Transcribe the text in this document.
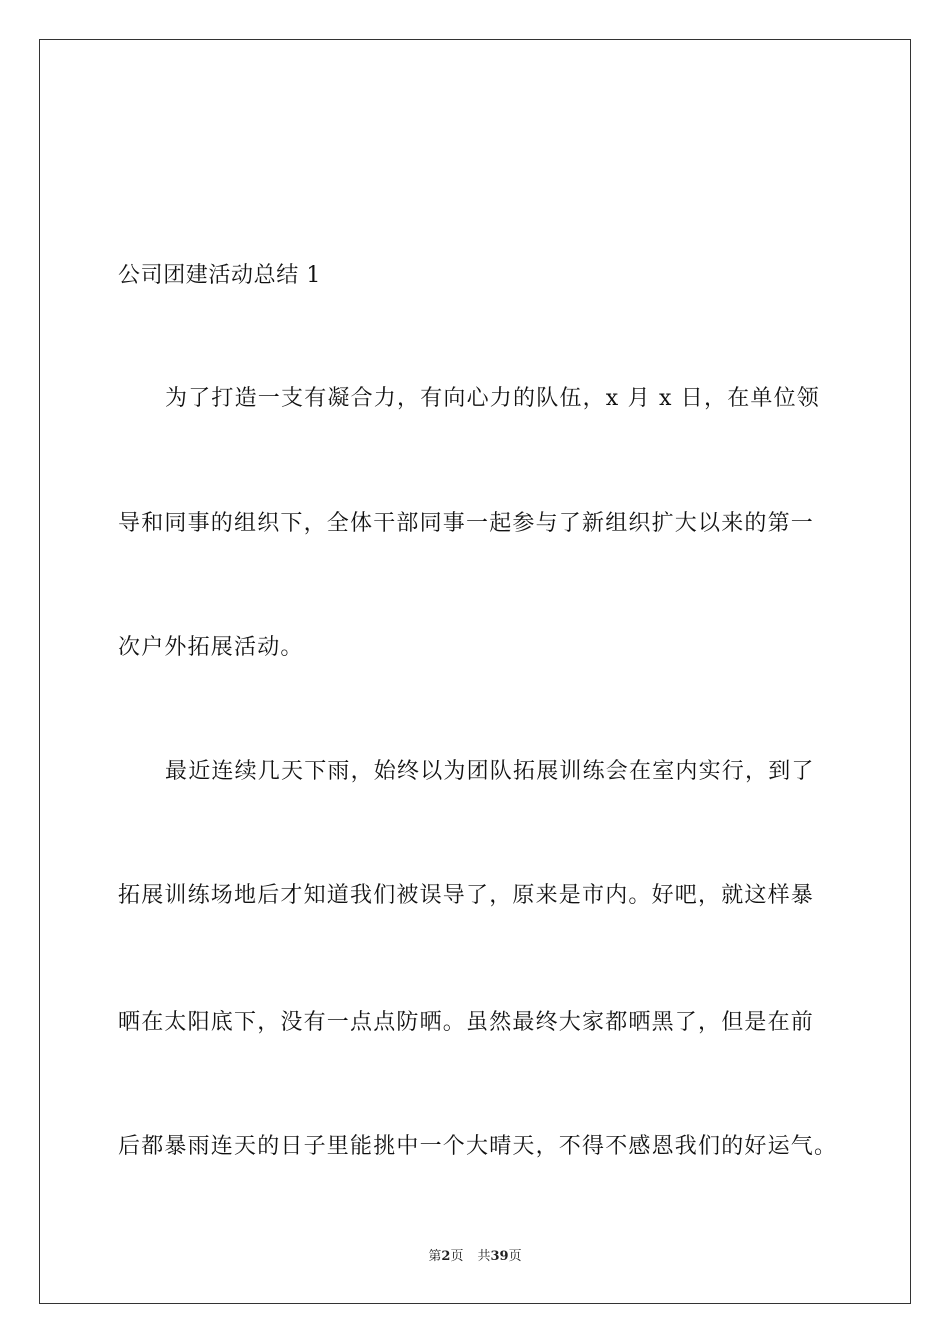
公司团建活动总结 1
为了打造一支有凝合力，有向心力的队伍，x 月 x 日，在单位领
导和同事的组织下，全体干部同事一起参与了新组织扩大以来的第一
次户外拓展活动。
最近连续几天下雨，始终以为团队拓展训练会在室内实行，到了
拓展训练场地后才知道我们被误导了，原来是市内。好吧，就这样暴
晒在太阳底下，没有一点点防晒。虽然最终大家都晒黑了，但是在前
后都暴雨连天的日子里能挑中一个大晴天，不得不感恩我们的好运气。
第2页 共39页
